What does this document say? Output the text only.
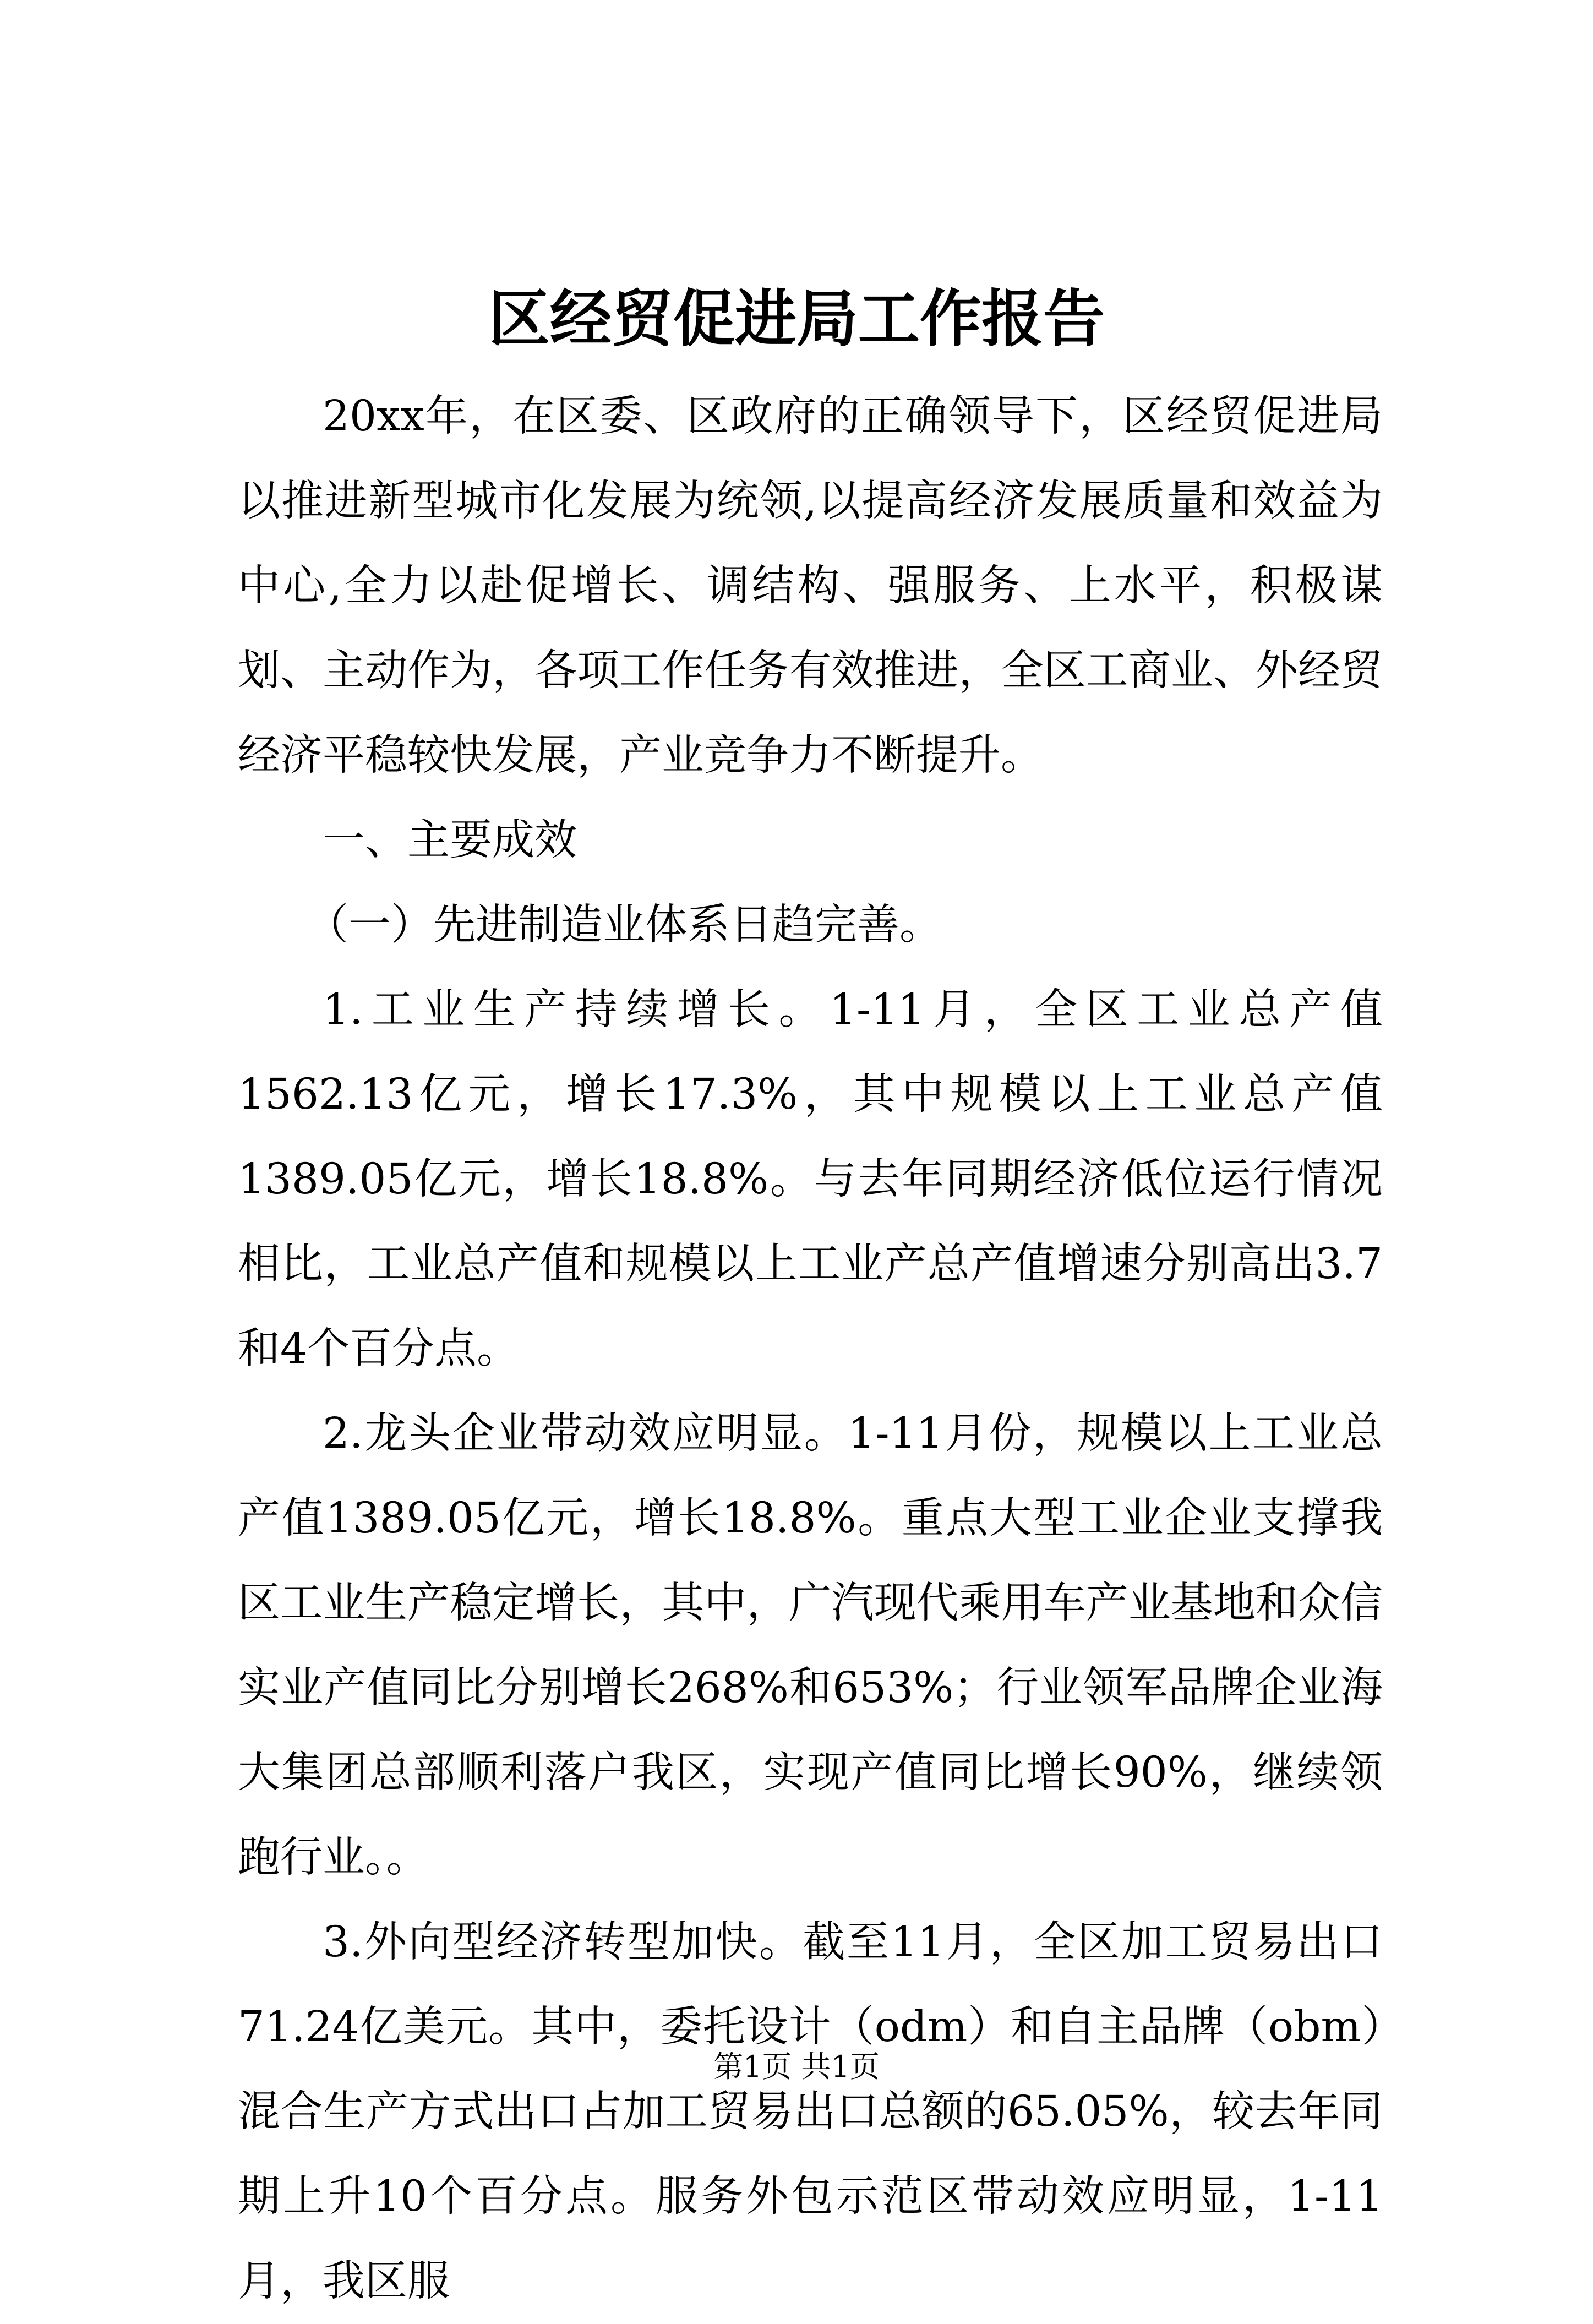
区经贸促进局工作报告

20xx年，在区委、区政府的正确领导下，区经贸促进局以推进新型城市化发展为统领,以提高经济发展质量和效益为中心,全力以赴促增长、调结构、强服务、上水平，积极谋划、主动作为，各项工作任务有效推进，全区工商业、外经贸经济平稳较快发展，产业竞争力不断提升。

一、主要成效

（一）先进制造业体系日趋完善。

1.工业生产持续增长。1-11月，全区工业总产值1562.13亿元，增长17.3%，其中规模以上工业总产值1389.05亿元，增长18.8%。与去年同期经济低位运行情况相比，工业总产值和规模以上工业产总产值增速分别高出3.7和4个百分点。

2.龙头企业带动效应明显。1-11月份，规模以上工业总产值1389.05亿元，增长18.8%。重点大型工业企业支撑我区工业生产稳定增长，其中，广汽现代乘用车产业基地和众信实业产值同比分别增长268%和653%；行业领军品牌企业海大集团总部顺利落户我区，实现产值同比增长90%，继续领跑行业。。

3.外向型经济转型加快。截至11月，全区加工贸易出口71.24亿美元。其中，委托设计（odm）和自主品牌（obm）混合生产方式出口占加工贸易出口总额的65.05%，较去年同期上升10个百分点。服务外包示范区带动效应明显，1-11月，我区服

第1页 共1页
